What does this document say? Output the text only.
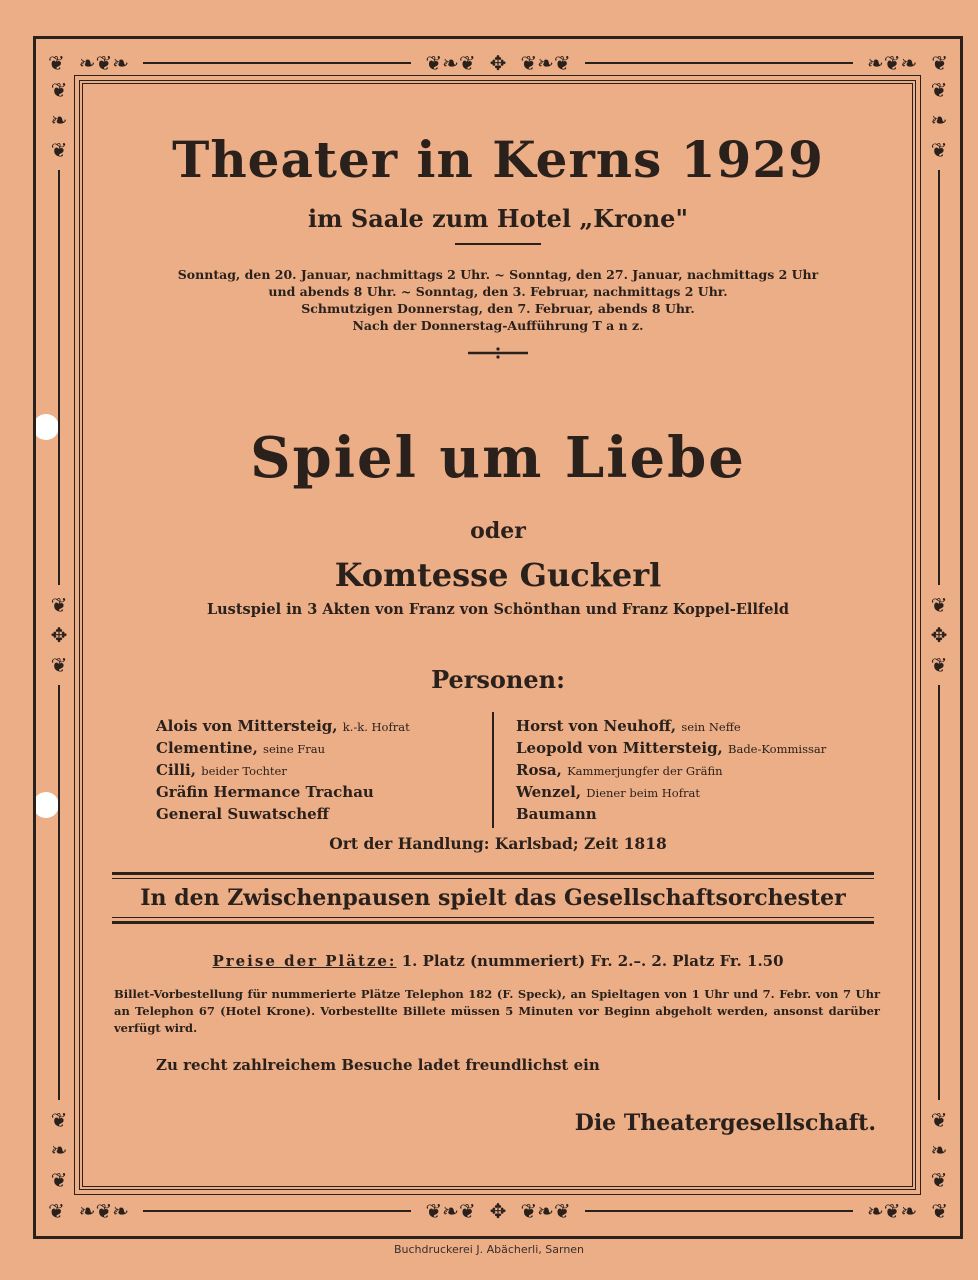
❦ ❧❦❧	❦❧❦ ✥ ❦❧❦	❧❦❧ ❦
❦ ❧❦❧	❦❧❦ ✥ ❦❧❦	❧❦❧ ❦
❦
❧
❦
❦
✥
❦
❦
❧
❦
❦
❧
❦
❦
✥
❦
❦
❧
❦
Theater in Kerns 1929
im Saale zum Hotel „Krone"
Sonntag, den 20. Januar, nachmittags 2 Uhr. ~ Sonntag, den 27. Januar, nachmittags 2 Uhr
und abends 8 Uhr. ~ Sonntag, den 3. Februar, nachmittags 2 Uhr.
Schmutzigen Donnerstag, den 7. Februar, abends 8 Uhr.
Nach der Donnerstag-Aufführung T a n z.
Spiel um Liebe
oder
Komtesse Guckerl
Lustspiel in 3 Akten von Franz von Schönthan und Franz Koppel-Ellfeld
Personen:
Alois von Mittersteig, k.-k. Hofrat
Clementine, seine Frau
Cilli, beider Tochter
Gräfin Hermance Trachau
General Suwatscheff
Horst von Neuhoff, sein Neffe
Leopold von Mittersteig, Bade-Kommissar
Rosa, Kammerjungfer der Gräfin
Wenzel, Diener beim Hofrat
Baumann
Ort der Handlung: Karlsbad; Zeit 1818
In den Zwischenpausen spielt das Gesellschaftsorchester
Preise der Plätze: 1. Platz (nummeriert) Fr. 2.–. 2. Platz Fr. 1.50
Billet-Vorbestellung für nummerierte Plätze Telephon 182 (F. Speck), an Spieltagen von 1 Uhr und 7. Febr. von 7 Uhr an Telephon 67 (Hotel Krone). Vorbestellte Billete müssen 5 Minuten vor Beginn abgeholt werden, ansonst darüber verfügt wird.
Zu recht zahlreichem Besuche ladet freundlichst ein
Die Theatergesellschaft.
Buchdruckerei J. Abächerli, Sarnen
